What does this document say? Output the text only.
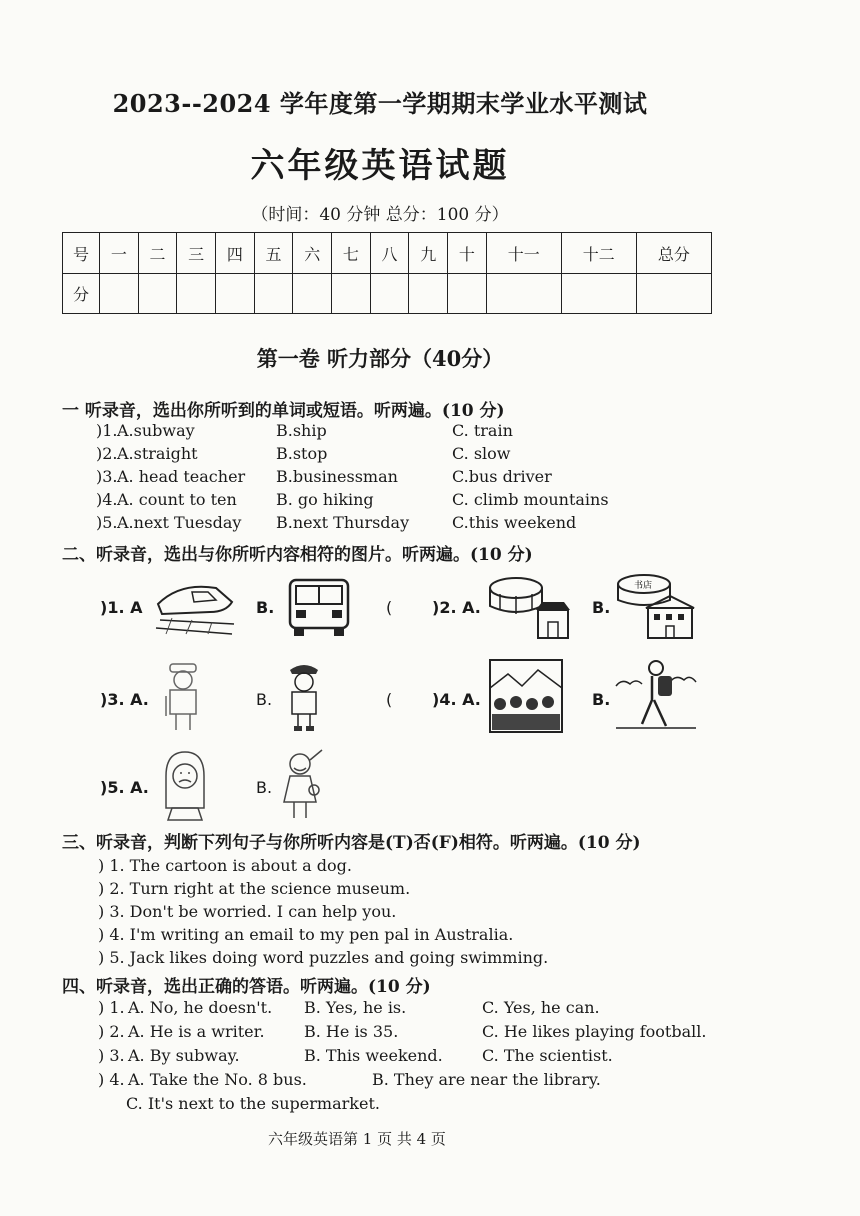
2023--2024 学年度第一学期期末学业水平测试
六年级英语试题
（时间：40 分钟 总分：100 分）
号	一	二	三	四	五	六	七	八	九	十	十一	十二	总分
分													
第一卷 听力部分（40分）
一 听录音，选出你所听到的单词或短语。听两遍。(10 分)
)1. A.subway	B.ship	C. train
)2. A.straight	B.stop	C. slow
)3. A. head teacher B.businessman	C.bus driver
)4. A. count to ten B. go hiking	C. climb mountains
)5. A.next Tuesday B.next Thursday	C.this weekend
二、听录音，选出与你所听内容相符的图片。听两遍。(10 分)
)1. A	B.	( )2. A.	B.
书店
)3. A.	B.	( )4. A.	B.
)5. A.	B.
三、听录音，判断下列句子与你所听内容是(T)否(F)相符。听两遍。(10 分)
) 1. The cartoon is about a dog.
) 2. Turn right at the science museum.
) 3. Don't be worried. I can help you.
) 4. I'm writing an email to my pen pal in Australia.
) 5. Jack likes doing word puzzles and going swimming.
四、听录音，选出正确的答语。听两遍。(10 分)
) 1. A. No, he doesn't. B. Yes, he is.	C. Yes, he can.
) 2. A. He is a writer. B. He is 35.	C. He likes playing football.
) 3. A. By subway.	B. This weekend. C. The scientist.
) 4. A. Take the No. 8 bus.	B. They are near the library.
C. It's next to the supermarket.
六年级英语第 1 页 共 4 页
